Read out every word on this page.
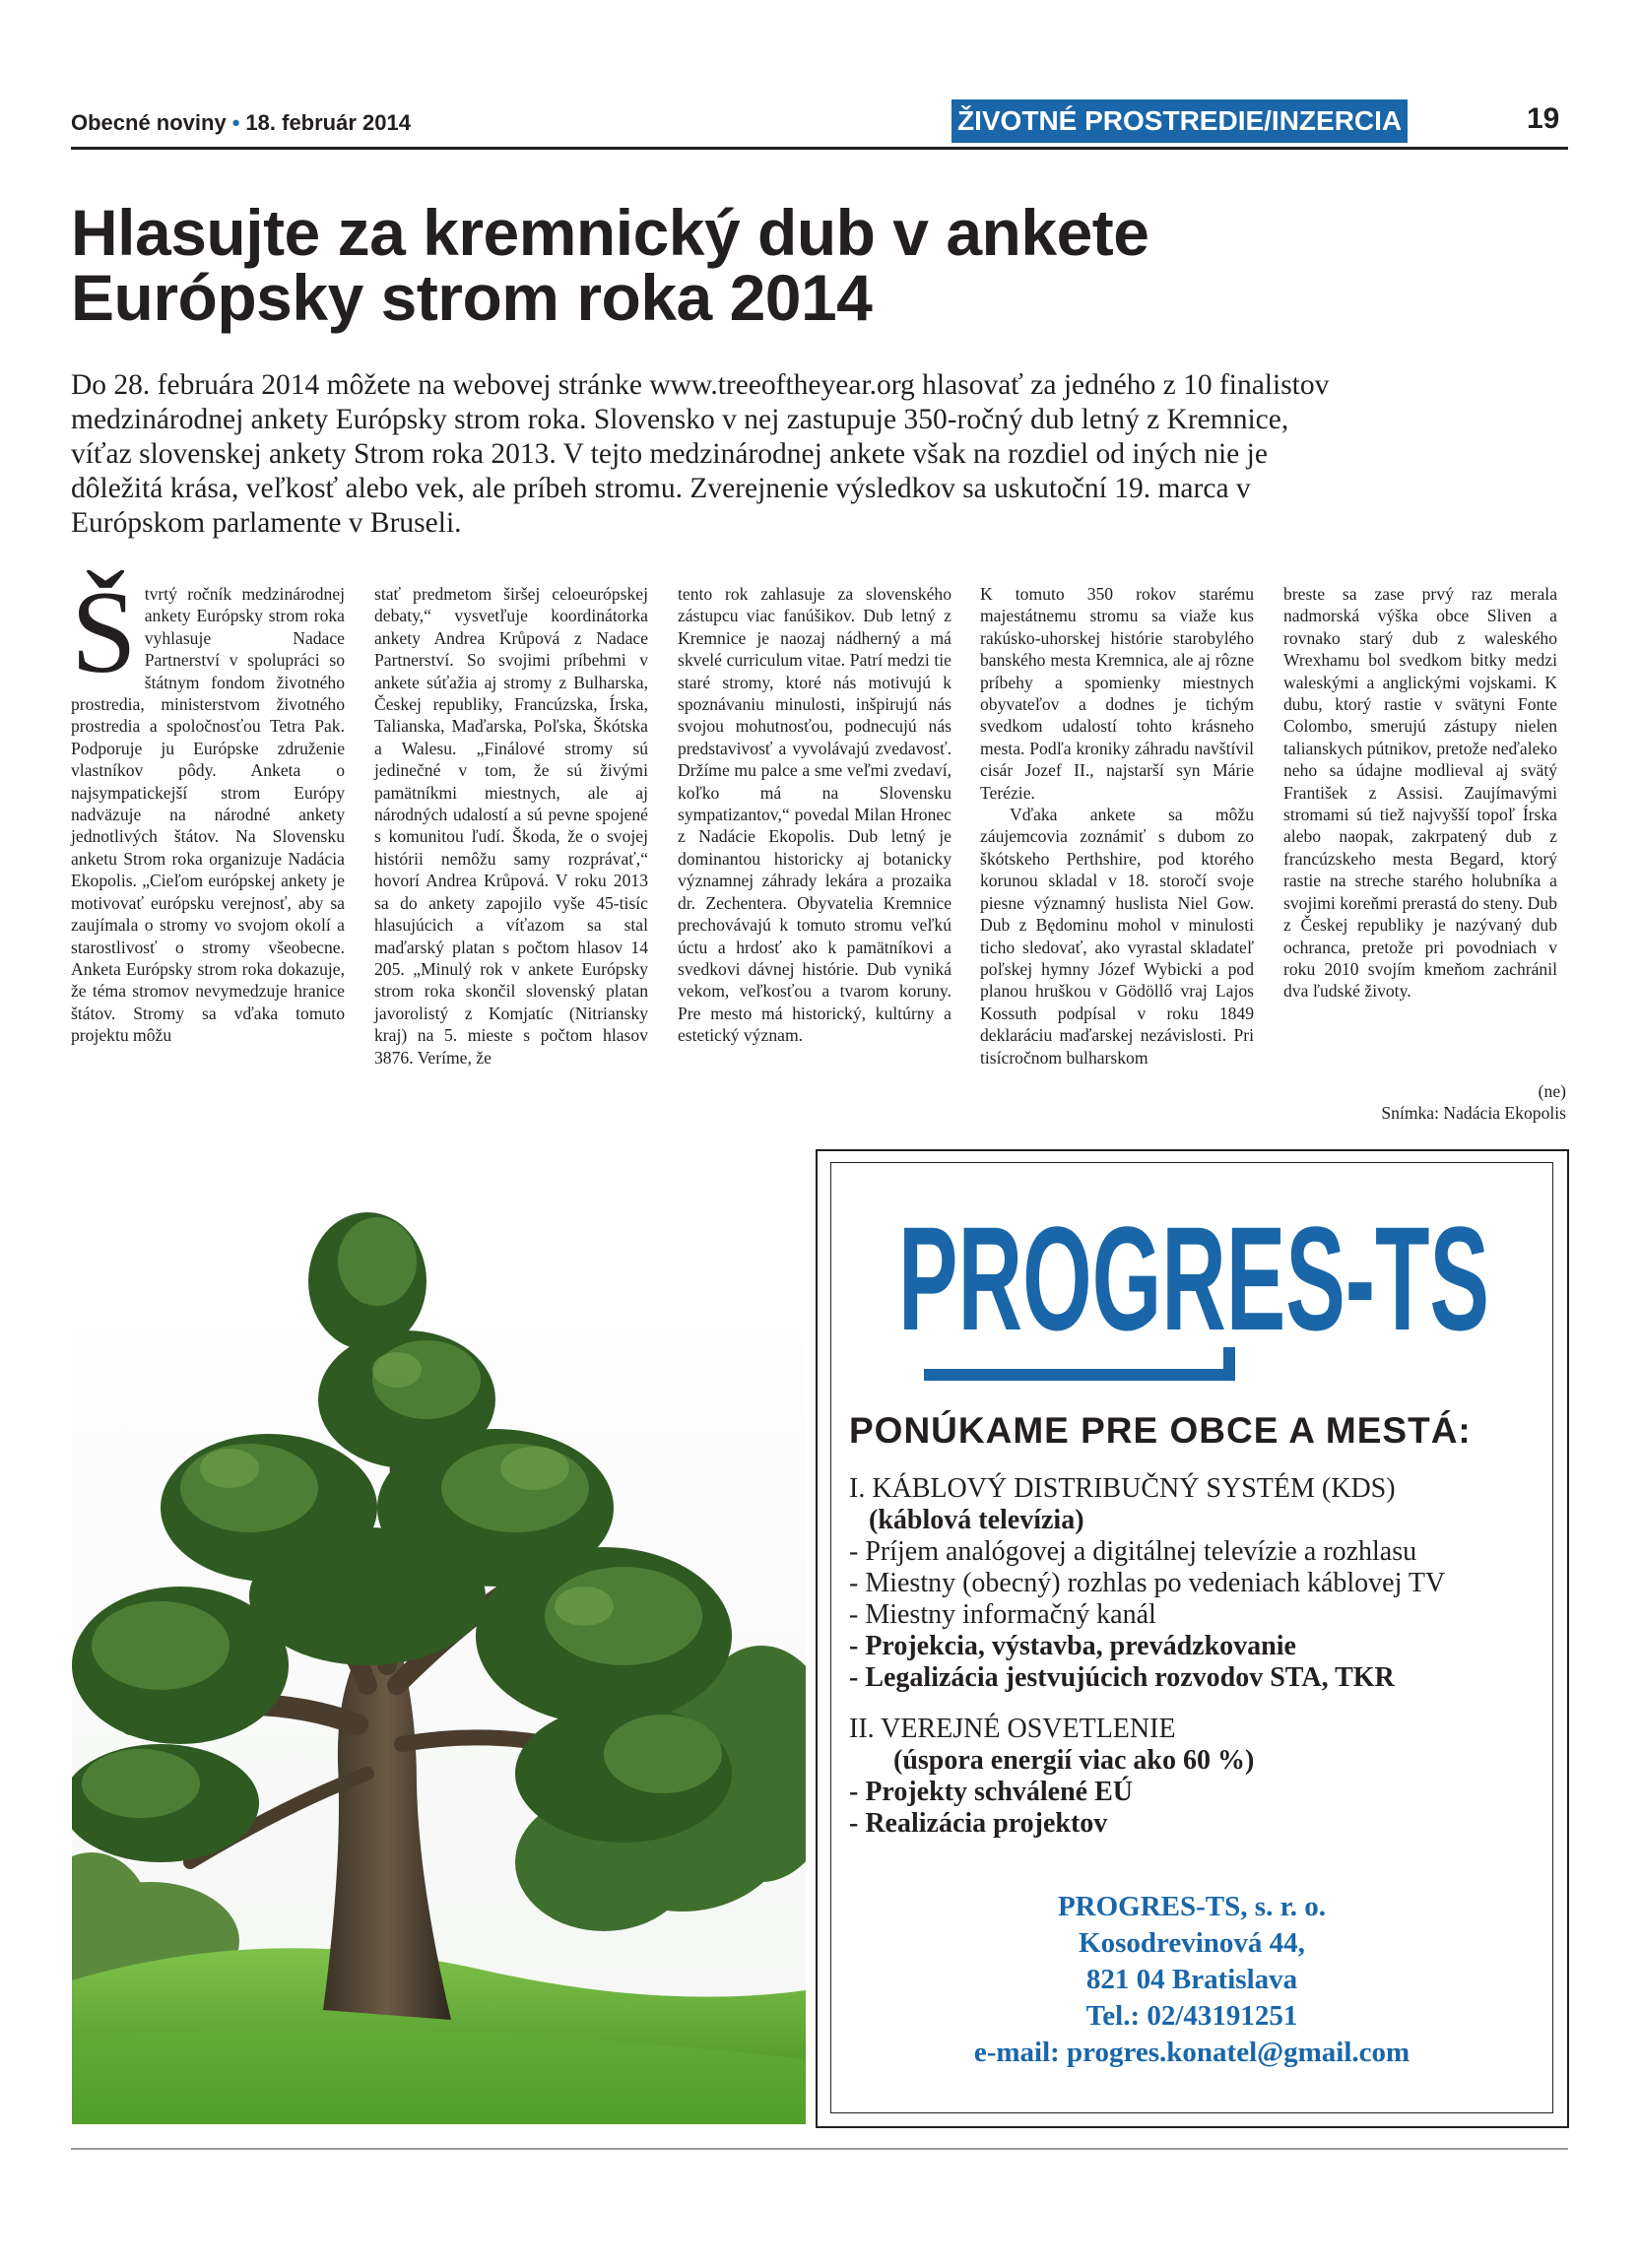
Obecné noviny • 18. február 2014	ŽIVOTNÉ PROSTREDIE/INZERCIA	19
Hlasujte za kremnický dub v ankete
Európsky strom roka 2014
Do 28. februára 2014 môžete na webovej stránke www.treeoftheyear.org hlasovať za jedného z 10 finalistov
medzinárodnej ankety Európsky strom roka. Slovensko v nej zastupuje 350-ročný dub letný z Kremnice,
víťaz slovenskej ankety Strom roka 2013. V tejto medzinárodnej ankete však na rozdiel od iných nie je
dôležitá krása, veľkosť alebo vek, ale príbeh stromu. Zverejnenie výsledkov sa uskutoční 19. marca v
Európskom parlamente v Bruseli.
Š tvrtý ročník medzinárodnej ankety Európsky strom roka vyhlasuje Nadace Partnerství v spolupráci so štátnym fondom životného prostredia, ministerstvom životného prostredia a spoločnosťou Tetra Pak. Podporuje ju Európske združenie vlastníkov pôdy. Anketa o najsympatickejší strom Európy nadväzuje na národné ankety jednotlivých štátov. Na Slovensku anketu Strom roka organizuje Nadácia Ekopolis. „Cieľom európskej ankety je motivovať európsku verejnosť, aby sa zaujímala o stromy vo svojom okolí a starostlivosť o stromy všeobecne. Anketa Európsky strom roka dokazuje, že téma stromov nevymedzuje hranice štátov. Stromy sa vďaka tomuto projektu môžu

stať predmetom širšej celoeurópskej debaty,“ vysvetľuje koordinátorka ankety Andrea Krůpová z Nadace Partnerství. So svojimi príbehmi v ankete súťažia aj stromy z Bulharska, Českej republiky, Francúzska, Írska, Talianska, Maďarska, Poľska, Škótska a Walesu. „Finálové stromy sú jedinečné v tom, že sú živými pamätníkmi miestnych, ale aj národných udalostí a sú pevne spojené s komunitou ľudí. Škoda, že o svojej histórii nemôžu samy rozprávať,“ hovorí Andrea Krůpová. V roku 2013 sa do ankety zapojilo vyše 45-tisíc hlasujúcich a víťazom sa stal maďarský platan s počtom hlasov 14 205. „Minulý rok v ankete Európsky strom roka skončil slovenský platan javorolistý z Komjatíc (Nitriansky kraj) na 5. mieste s počtom hlasov 3876. Veríme, že

tento rok zahlasuje za slovenského zástupcu viac fanúšikov. Dub letný z Kremnice je naozaj nádherný a má skvelé curriculum vitae. Patrí medzi tie staré stromy, ktoré nás motivujú k spoznávaniu minulosti, inšpirujú nás svojou mohutnosťou, podnecujú nás predstavivosť a vyvolávajú zvedavosť. Držíme mu palce a sme veľmi zvedaví, koľko má na Slovensku sympatizantov,“ povedal Milan Hronec z Nadácie Ekopolis. Dub letný je dominantou historicky aj botanicky významnej záhrady lekára a prozaika dr. Zechentera. Obyvatelia Kremnice prechovávajú k tomuto stromu veľkú úctu a hrdosť ako k pamätníkovi a svedkovi dávnej histórie. Dub vyniká vekom, veľkosťou a tvarom koruny. Pre mesto má historický, kultúrny a estetický význam.

K tomuto 350 rokov starému majestátnemu stromu sa viaže kus rakúsko-uhorskej histórie starobylého banského mesta Kremnica, ale aj rôzne príbehy a spomienky miestnych obyvateľov a dodnes je tichým svedkom udalostí tohto krásneho mesta. Podľa kroniky záhradu navštívil cisár Jozef II., najstarší syn Márie Terézie.

Vďaka ankete sa môžu záujemcovia zoznámiť s dubom zo škótskeho Perthshire, pod ktorého korunou skladal v 18. storočí svoje piesne významný huslista Niel Gow. Dub z Będominu mohol v minulosti ticho sledovať, ako vyrastal skladateľ poľskej hymny Józef Wybicki a pod planou hruškou v Gödöllő vraj Lajos Kossuth podpísal v roku 1849 deklaráciu maďarskej nezávislosti. Pri tisícročnom bulharskom

breste sa zase prvý raz merala nadmorská výška obce Sliven a rovnako starý dub z waleského Wrexhamu bol svedkom bitky medzi waleskými a anglickými vojskami. K dubu, ktorý rastie v svätyni Fonte Colombo, smerujú zástupy nielen talianskych pútnikov, pretože neďaleko neho sa údajne modlieval aj svätý František z Assisi. Zaujímavými stromami sú tiež najvyšší topoľ Írska alebo naopak, zakrpatený dub z francúzskeho mesta Begard, ktorý rastie na streche starého holubníka a svojimi koreňmi prerastá do steny. Dub z Českej republiky je nazývaný dub ochranca, pretože pri povodniach v roku 2010 svojím kmeňom zachránil dva ľudské životy.

(ne)
Snímka: Nadácia Ekopolis
PROGRES-TS
PONÚKAME PRE OBCE A MESTÁ:
I. KÁBLOVÝ DISTRIBUČNÝ SYSTÉM (KDS)
(káblová televízia)
- Príjem analógovej a digitálnej televízie a rozhlasu
- Miestny (obecný) rozhlas po vedeniach káblovej TV
- Miestny informačný kanál
- Projekcia, výstavba, prevádzkovanie
- Legalizácia jestvujúcich rozvodov STA, TKR
II. VEREJNÉ OSVETLENIE
(úspora energií viac ako 60 %)
- Projekty schválené EÚ
- Realizácia projektov
PROGRES-TS, s. r. o.
Kosodrevinová 44,
821 04 Bratislava
Tel.: 02/43191251
e-mail: progres.konatel@gmail.com
